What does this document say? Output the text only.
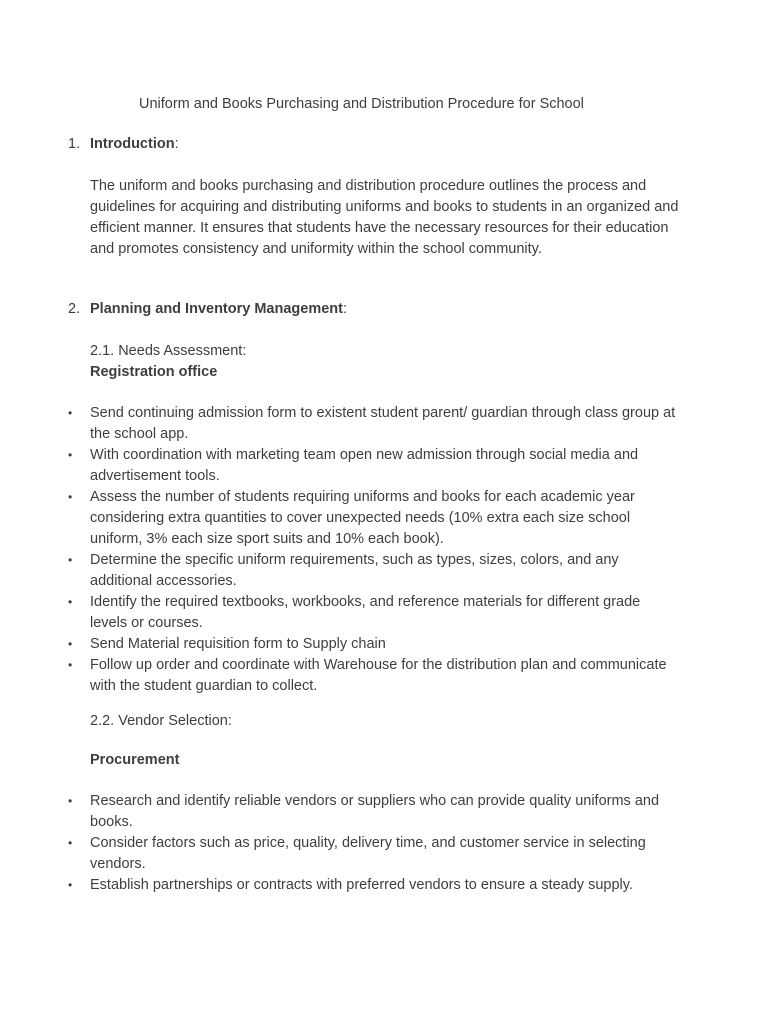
Uniform and Books Purchasing and Distribution Procedure for School
1. Introduction:
The uniform and books purchasing and distribution procedure outlines the process and guidelines for acquiring and distributing uniforms and books to students in an organized and efficient manner. It ensures that students have the necessary resources for their education and promotes consistency and uniformity within the school community.
2. Planning and Inventory Management:
2.1. Needs Assessment:
Registration office
• Send continuing admission form to existent student parent/ guardian through class group at the school app.
• With coordination with marketing team open new admission through social media and advertisement tools.
• Assess the number of students requiring uniforms and books for each academic year considering extra quantities to cover unexpected needs (10% extra each size school uniform, 3% each size sport suits and 10% each book).
• Determine the specific uniform requirements, such as types, sizes, colors, and any additional accessories.
• Identify the required textbooks, workbooks, and reference materials for different grade levels or courses.
• Send Material requisition form to Supply chain
• Follow up order and coordinate with Warehouse for the distribution plan and communicate with the student guardian to collect.
2.2. Vendor Selection:
Procurement
• Research and identify reliable vendors or suppliers who can provide quality uniforms and books.
• Consider factors such as price, quality, delivery time, and customer service in selecting vendors.
• Establish partnerships or contracts with preferred vendors to ensure a steady supply.
